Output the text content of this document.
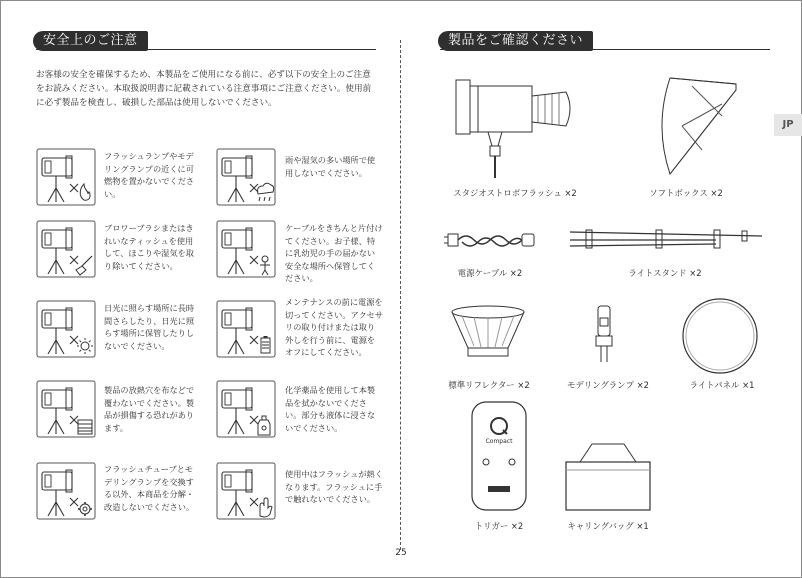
安全上のご注意
お客様の安全を確保するため、本製品をご使用になる前に、必ず以下の安全上のご注意をお読みください。本取扱説明書に記載されている注意事項にご注意ください。使用前に必ず製品を検査し、破損した部品は使用しないでください。
フラッシュランプやモデリングランプの近くに可燃物を置かないでください。
雨や湿気の多い場所で使用しないでください。
ブロワーブラシまたはきれいなティッシュを使用して、ほこりや湿気を取り除いてください。
ケーブルをきちんと片付けてください。お子様、特に乳幼児の手の届かない安全な場所へ保管してください。
日光に照らす場所に長時間さらしたり、日光に照らす場所に保管したりしないでください。
メンテナンスの前に電源を切ってください。アクセサリの取り付けまたは取り外しを行う前に、電源をオフにしてください。
製品の放熱穴を布などで覆わないでください。製品が損傷する恐れがあります。
化学薬品を使用して本製品を拭かないでください。部分も液体に浸さないでください。
フラッシュチューブとモデリングランプを交換する以外、本商品を分解・改造しないでください。
使用中はフラッシュが熱くなります。フラッシュに手で触れないでください。
製品をご確認ください
JP
スタジオストロボフラッシュ ×2	ソフトボックス ×2
電源ケーブル ×2	ライトスタンド ×2
標準リフレクター ×2	モデリングランプ ×2	ライトパネル ×1
Compact
トリガー ×2	キャリングバッグ ×1
25
